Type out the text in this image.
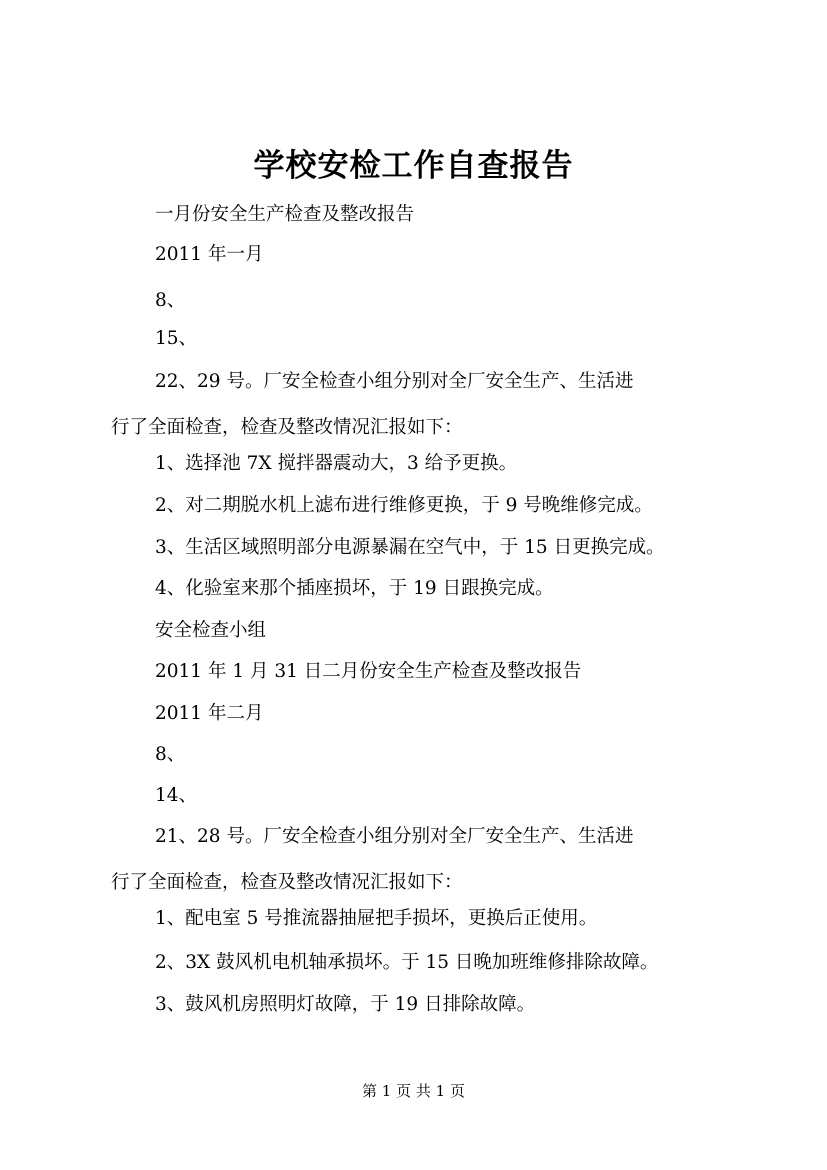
学校安检工作自查报告
一月份安全生产检查及整改报告
2011 年一月
8、
15、
22、29 号。厂安全检查小组分别对全厂安全生产、生活进
行了全面检查，检查及整改情况汇报如下：
1、选择池 7X 搅拌器震动大，3 给予更换。
2、对二期脱水机上滤布进行维修更换，于 9 号晚维修完成。
3、生活区域照明部分电源暴漏在空气中，于 15 日更换完成。
4、化验室来那个插座损坏，于 19 日跟换完成。
安全检查小组
2011 年 1 月 31 日二月份安全生产检查及整改报告
2011 年二月
8、
14、
21、28 号。厂安全检查小组分别对全厂安全生产、生活进
行了全面检查，检查及整改情况汇报如下：
1、配电室 5 号推流器抽屉把手损坏，更换后正使用。
2、3X 鼓风机电机轴承损坏。于 15 日晚加班维修排除故障。
3、鼓风机房照明灯故障，于 19 日排除故障。
第 1 页 共 1 页
